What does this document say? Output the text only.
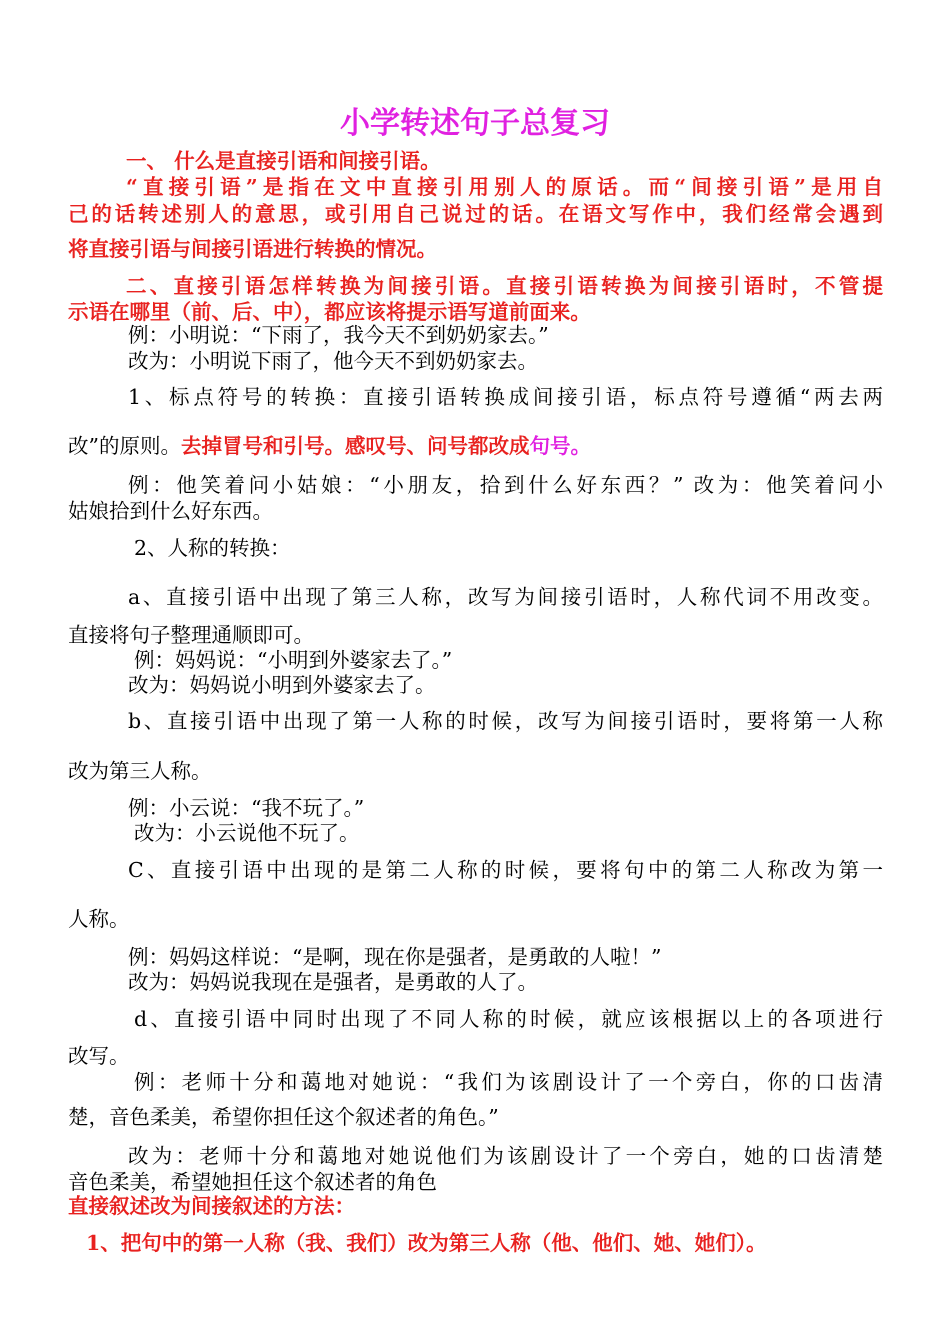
小学转述句子总复习
一、 什么是直接引语和间接引语。
“直接引语”是指在文中直接引用别人的原话。而“间接引语”是用自
己的话转述别人的意思，或引用自己说过的话。在语文写作中，我们经常会遇到
将直接引语与间接引语进行转换的情况。
二、直接引语怎样转换为间接引语。直接引语转换为间接引语时，不管提
示语在哪里（前、后、中），都应该将提示语写道前面来。
例：小明说：“下雨了，我今天不到奶奶家去。”
改为：小明说下雨了，他今天不到奶奶家去。
1、标点符号的转换：直接引语转换成间接引语，标点符号遵循“两去两
改”的原则。去掉冒号和引号。感叹号、问号都改成句号。
例：他笑着问小姑娘：“小朋友，拾到什么好东西？” 改为：他笑着问小
姑娘拾到什么好东西。
2、人称的转换：
a、直接引语中出现了第三人称，改写为间接引语时，人称代词不用改变。
直接将句子整理通顺即可。
例：妈妈说：“小明到外婆家去了。”
改为：妈妈说小明到外婆家去了。
b、直接引语中出现了第一人称的时候，改写为间接引语时，要将第一人称
改为第三人称。
例：小云说：“我不玩了。”
改为：小云说他不玩了。
C、直接引语中出现的是第二人称的时候，要将句中的第二人称改为第一
人称。
例：妈妈这样说：“是啊，现在你是强者，是勇敢的人啦！”
改为：妈妈说我现在是强者，是勇敢的人了。
d、直接引语中同时出现了不同人称的时候，就应该根据以上的各项进行
改写。
例：老师十分和蔼地对她说：“我们为该剧设计了一个旁白，你的口齿清
楚，音色柔美，希望你担任这个叙述者的角色。”
改为：老师十分和蔼地对她说他们为该剧设计了一个旁白，她的口齿清楚
音色柔美，希望她担任这个叙述者的角色
直接叙述改为间接叙述的方法：
1、把句中的第一人称（我、我们）改为第三人称（他、他们、她、她们）。
